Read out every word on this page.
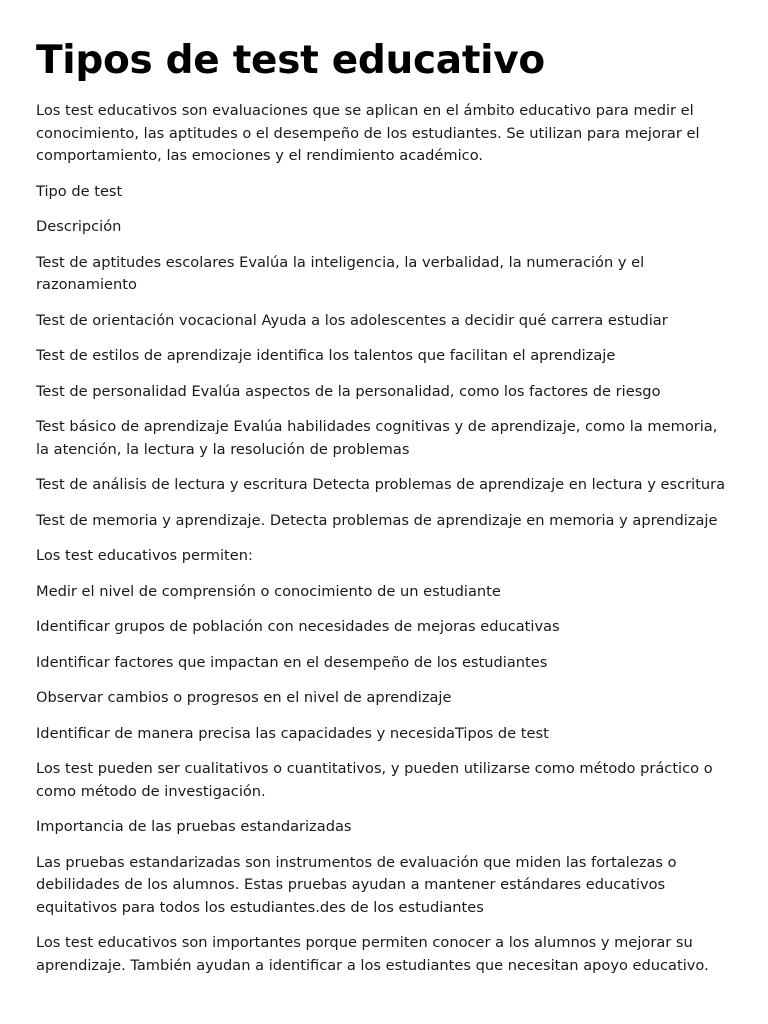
Tipos de test educativo

Los test educativos son evaluaciones que se aplican en el ámbito educativo para medir el conocimiento, las aptitudes o el desempeño de los estudiantes. Se utilizan para mejorar el comportamiento, las emociones y el rendimiento académico.

Tipo de test

Descripción

Test de aptitudes escolares Evalúa la inteligencia, la verbalidad, la numeración y el razonamiento

Test de orientación vocacional Ayuda a los adolescentes a decidir qué carrera estudiar

Test de estilos de aprendizaje identifica los talentos que facilitan el aprendizaje

Test de personalidad Evalúa aspectos de la personalidad, como los factores de riesgo

Test básico de aprendizaje Evalúa habilidades cognitivas y de aprendizaje, como la memoria, la atención, la lectura y la resolución de problemas

Test de análisis de lectura y escritura Detecta problemas de aprendizaje en lectura y escritura

Test de memoria y aprendizaje. Detecta problemas de aprendizaje en memoria y aprendizaje

Los test educativos permiten:

Medir el nivel de comprensión o conocimiento de un estudiante

Identificar grupos de población con necesidades de mejoras educativas

Identificar factores que impactan en el desempeño de los estudiantes

Observar cambios o progresos en el nivel de aprendizaje

Identificar de manera precisa las capacidades y necesidaTipos de test

Los test pueden ser cualitativos o cuantitativos, y pueden utilizarse como método práctico o como método de investigación.

Importancia de las pruebas estandarizadas

Las pruebas estandarizadas son instrumentos de evaluación que miden las fortalezas o debilidades de los alumnos. Estas pruebas ayudan a mantener estándares educativos equitativos para todos los estudiantes.des de los estudiantes

Los test educativos son importantes porque permiten conocer a los alumnos y mejorar su aprendizaje. También ayudan a identificar a los estudiantes que necesitan apoyo educativo.
